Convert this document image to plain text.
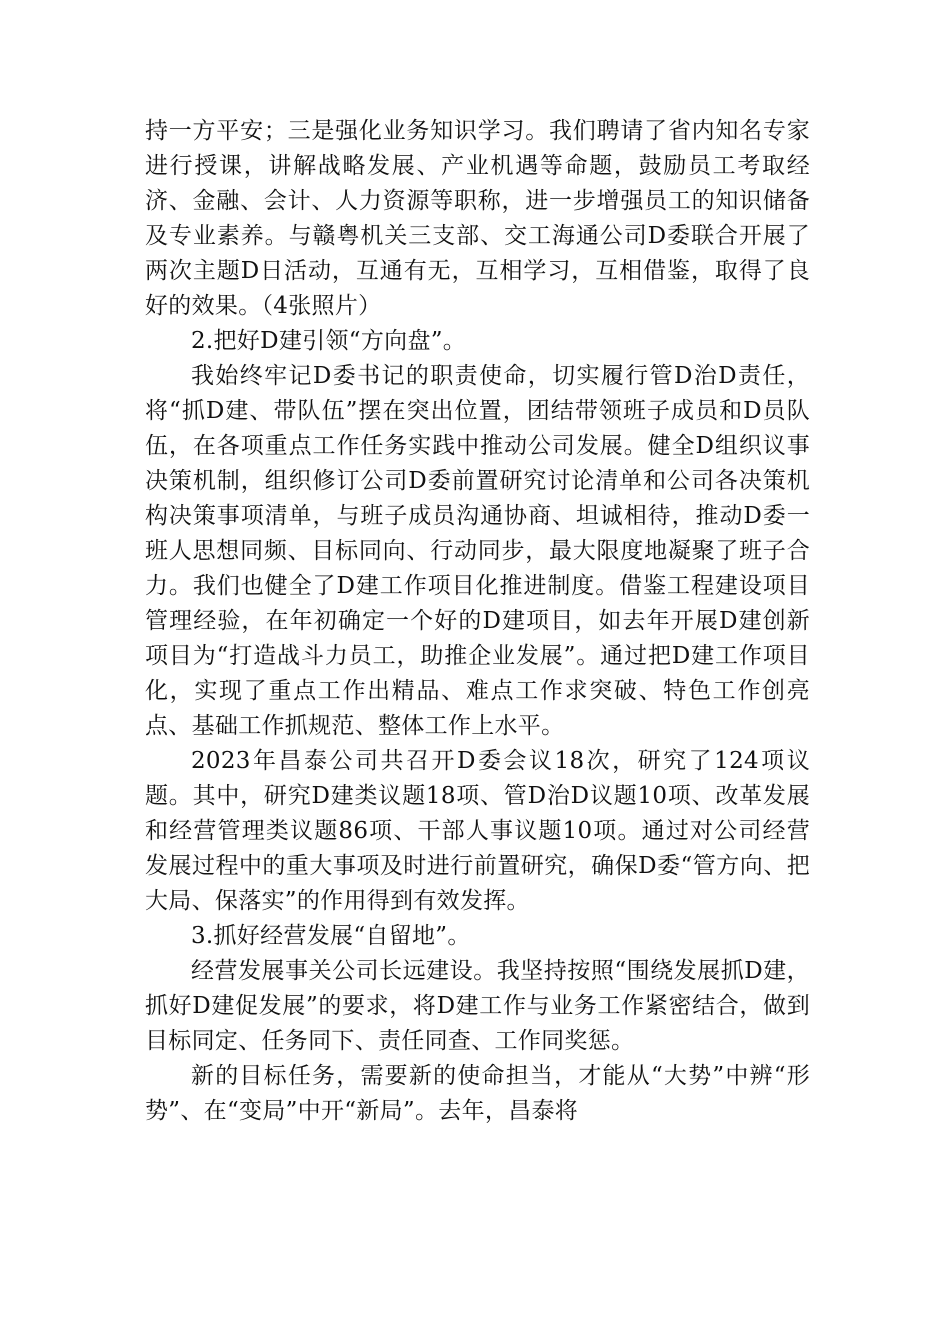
持一方平安；三是强化业务知识学习。我们聘请了省内知名专家进行授课，讲解战略发展、产业机遇等命题，鼓励员工考取经济、金融、会计、人力资源等职称，进一步增强员工的知识储备及专业素养。与赣粤机关三支部、交工海通公司D委联合开展了两次主题D日活动，互通有无，互相学习，互相借鉴，取得了良好的效果。（4张照片）

2.把好D建引领“方向盘”。

我始终牢记D委书记的职责使命，切实履行管D治D责任，将“抓D建、带队伍”摆在突出位置，团结带领班子成员和D员队伍，在各项重点工作任务实践中推动公司发展。健全D组织议事决策机制，组织修订公司D委前置研究讨论清单和公司各决策机构决策事项清单，与班子成员沟通协商、坦诚相待，推动D委一班人思想同频、目标同向、行动同步，最大限度地凝聚了班子合力。我们也健全了D建工作项目化推进制度。借鉴工程建设项目管理经验，在年初确定一个好的D建项目，如去年开展D建创新项目为“打造战斗力员工，助推企业发展”。通过把D建工作项目化，实现了重点工作出精品、难点工作求突破、特色工作创亮点、基础工作抓规范、整体工作上水平。

2023年昌泰公司共召开D委会议18次，研究了124项议题。其中，研究D建类议题18项、管D治D议题10项、改革发展和经营管理类议题86项、干部人事议题10项。通过对公司经营发展过程中的重大事项及时进行前置研究，确保D委“管方向、把大局、保落实”的作用得到有效发挥。

3.抓好经营发展“自留地”。

经营发展事关公司长远建设。我坚持按照“围绕发展抓D建，抓好D建促发展”的要求，将D建工作与业务工作紧密结合，做到目标同定、任务同下、责任同查、工作同奖惩。

新的目标任务，需要新的使命担当，才能从“大势”中辨“形势”、在“变局”中开“新局”。去年，昌泰将
